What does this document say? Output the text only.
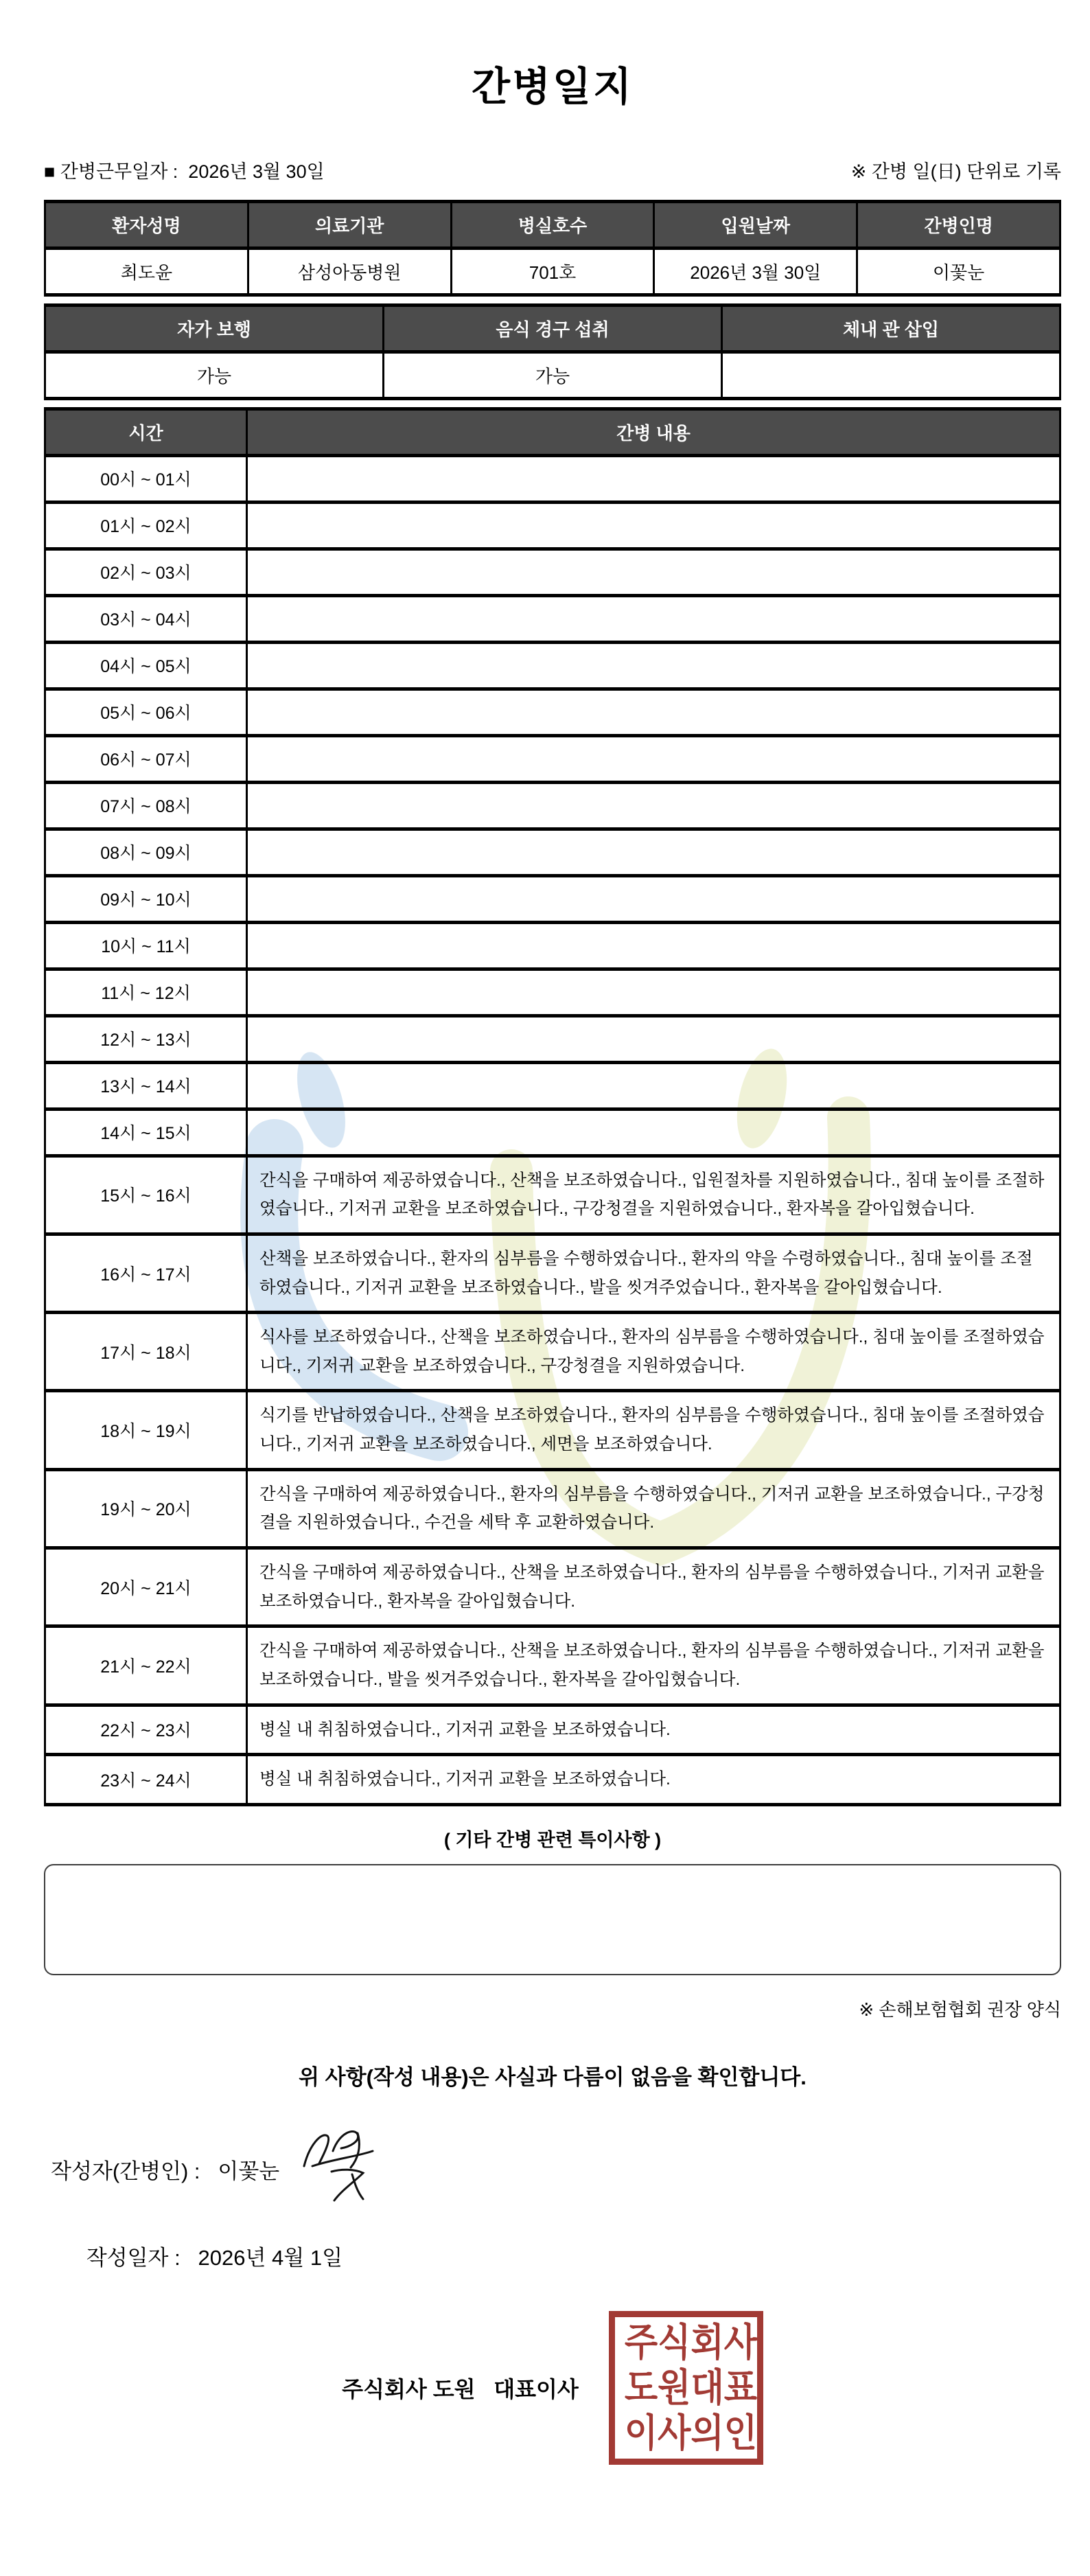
간병일지
■ 간병근무일자 :  2026년 3월 30일	※ 간병 일(日) 단위로 기록
환자성명	의료기관	병실호수	입원날짜	간병인명
최도윤	삼성아동병원	701호	2026년 3월 30일	이꽃눈
자가 보행	음식 경구 섭취	체내 관 삽입
가능	가능	
시간	간병 내용
00시 ~ 01시	
01시 ~ 02시	
02시 ~ 03시	
03시 ~ 04시	
04시 ~ 05시	
05시 ~ 06시	
06시 ~ 07시	
07시 ~ 08시	
08시 ~ 09시	
09시 ~ 10시	
10시 ~ 11시	
11시 ~ 12시	
12시 ~ 13시	
13시 ~ 14시	
14시 ~ 15시	
15시 ~ 16시	간식을 구매하여 제공하였습니다., 산책을 보조하였습니다., 입원절차를 지원하였습니다., 침대 높이를 조절하였습니다., 기저귀 교환을 보조하였습니다., 구강청결을 지원하였습니다., 환자복을 갈아입혔습니다.
16시 ~ 17시	산책을 보조하였습니다., 환자의 심부름을 수행하였습니다., 환자의 약을 수령하였습니다., 침대 높이를 조절하였습니다., 기저귀 교환을 보조하였습니다., 발을 씻겨주었습니다., 환자복을 갈아입혔습니다.
17시 ~ 18시	식사를 보조하였습니다., 산책을 보조하였습니다., 환자의 심부름을 수행하였습니다., 침대 높이를 조절하였습니다., 기저귀 교환을 보조하였습니다., 구강청결을 지원하였습니다.
18시 ~ 19시	식기를 반납하였습니다., 산책을 보조하였습니다., 환자의 심부름을 수행하였습니다., 침대 높이를 조절하였습니다., 기저귀 교환을 보조하였습니다., 세면을 보조하였습니다.
19시 ~ 20시	간식을 구매하여 제공하였습니다., 환자의 심부름을 수행하였습니다., 기저귀 교환을 보조하였습니다., 구강청결을 지원하였습니다., 수건을 세탁 후 교환하였습니다.
20시 ~ 21시	간식을 구매하여 제공하였습니다., 산책을 보조하였습니다., 환자의 심부름을 수행하였습니다., 기저귀 교환을 보조하였습니다., 환자복을 갈아입혔습니다.
21시 ~ 22시	간식을 구매하여 제공하였습니다., 산책을 보조하였습니다., 환자의 심부름을 수행하였습니다., 기저귀 교환을 보조하였습니다., 발을 씻겨주었습니다., 환자복을 갈아입혔습니다.
22시 ~ 23시	병실 내 취침하였습니다., 기저귀 교환을 보조하였습니다.
23시 ~ 24시	병실 내 취침하였습니다., 기저귀 교환을 보조하였습니다.
( 기타 간병 관련 특이사항 )
※ 손해보험협회 권장 양식
위 사항(작성 내용)은 사실과 다름이 없음을 확인합니다.
작성자(간병인) :   이꽃눈

작성일자 :   2026년 4월 1일

주식회사 도원   대표이사
주 식 회 사
도 원 대 표
이 사 의 인
